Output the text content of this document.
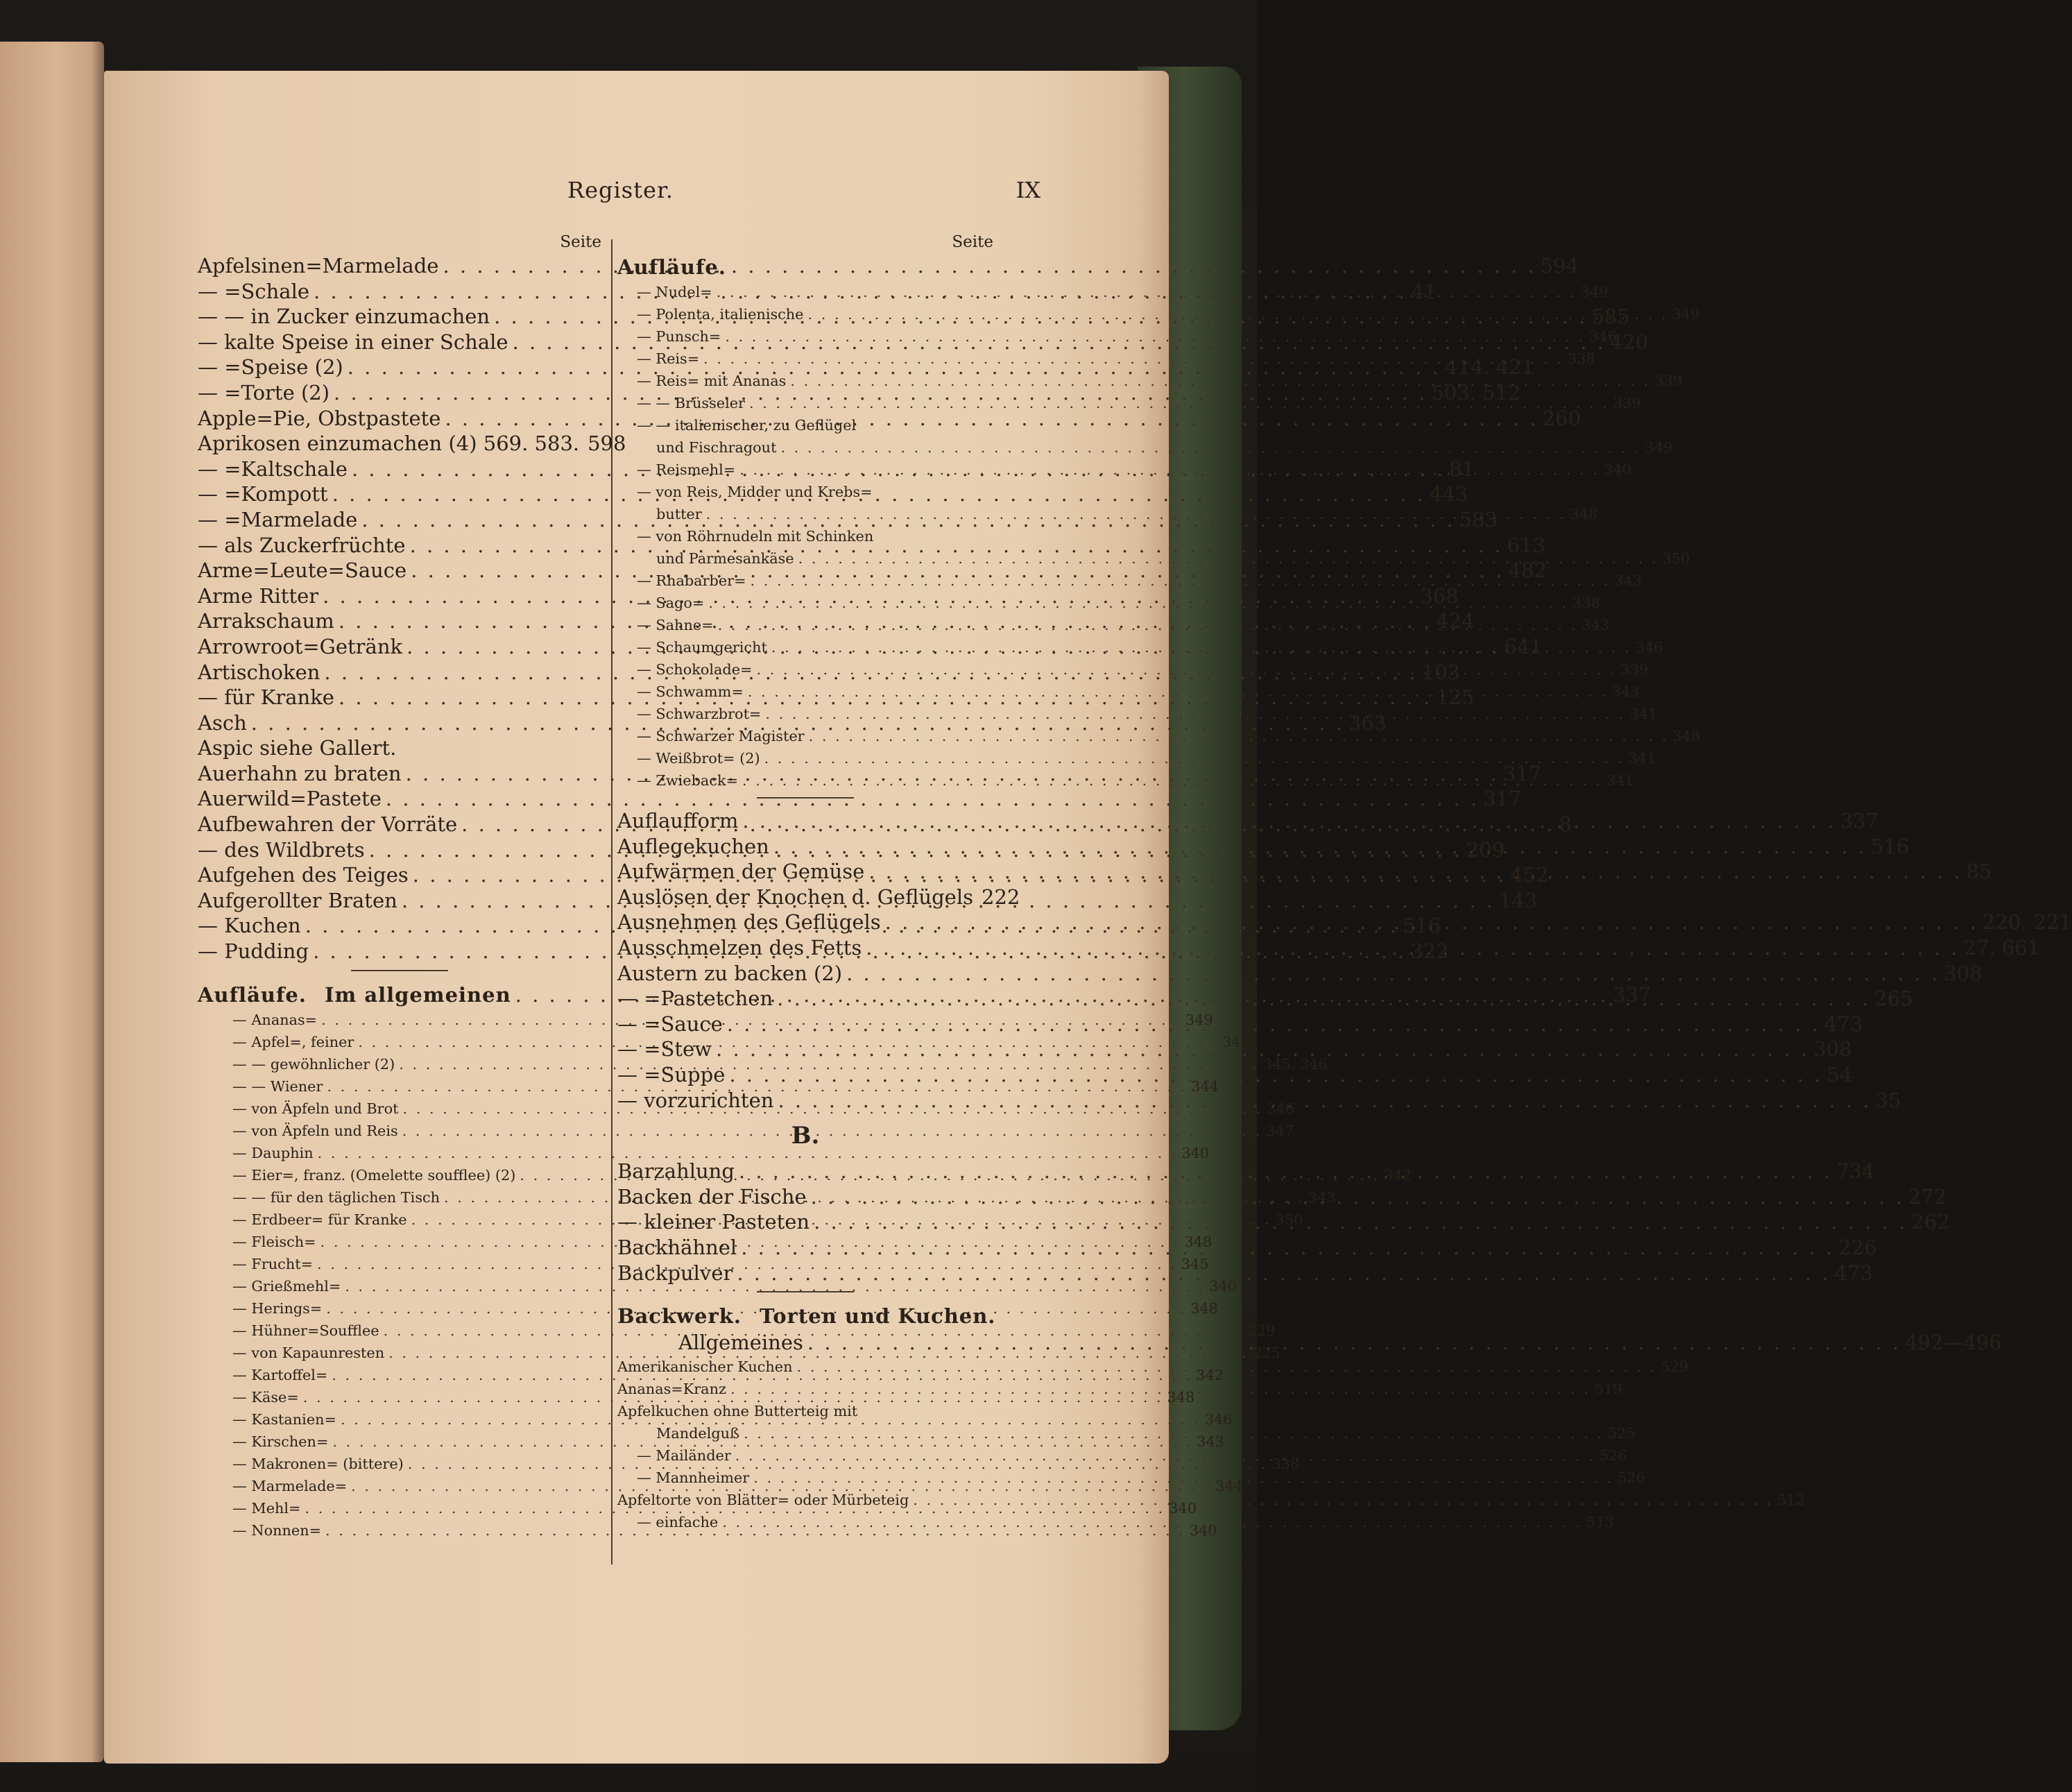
Register.	IX
Seite
Apfelsinen=Marmelade . . .	594
— =Schale . . .	41
— — in Zucker einzumachen . . .	585
— kalte Speise in einer Schale . . .	420
— =Speise (2) . . .	414. 421
— =Torte (2) . . .	503. 512
Apple=Pie, Obstpastete . . .	260
Aprikosen einzumachen (4) 569. 583. 598
— =Kaltschale . . .	81
— =Kompott . . .	443
— =Marmelade . . .	583
— als Zuckerfrüchte . . .	613
Arme=Leute=Sauce . . .	482
Arme Ritter . . .	368
Arrakschaum . . .	424
Arrowroot=Getränk . . .	641
Artischoken . . .	103
— für Kranke . . .	125
Asch . . .	363
Aspic siehe Gallert.
Auerhahn zu braten . . .	317
Auerwild=Pastete . . .	317
Aufbewahren der Vorräte . . .	8
— des Wildbrets . . .	209
Aufgehen des Teiges . . .	452
Aufgerollter Braten . . .	143
— Kuchen . . .	516
— Pudding . . .	322
Aufläufe. Im allgemeinen . . .	337
— Ananas= . . .	349
— Apfel=, feiner . . .	345
— — gewöhnlicher (2) . . .	345. 346
— — Wiener . . .	344
— von Äpfeln und Brot . . .	346
— von Äpfeln und Reis . . .	347
— Dauphin . . .	340
— Eier=, franz. (Omelette soufflee) (2) . . .	342
— — für den täglichen Tisch . . .	343
— Erdbeer= für Kranke . . .	350
— Fleisch= . . .	348
— Frucht= . . .	345
— Grießmehl= . . .	340
— Herings= . . .	348
— Hühner=Soufflee . . .	229
— von Kapaunresten . . .	225
— Kartoffel= . . .	342
— Käse= . . .	348
— Kastanien= . . .	346
— Kirschen= . . .	343
— Makronen= (bittere) . . .	338
— Marmelade= . . .	344
— Mehl= . . .	340
— Nonnen= . . .	340
Seite
Aufläufe.
— Nudel= . . .	349
— Polenta, italienische . . .	349
— Punsch= . . .	346
— Reis= . . .	338
— Reis= mit Ananas . . .	339
— — Brüsseler . . .	339
— — italienischer, zu Geflügel
und Fischragout . . .	349
— Reismehl= . . .	340
— von Reis, Midder und Krebs=
butter . . .	348
— von Röhrnudeln mit Schinken
und Parmesankäse . . .	350
— Rhabarber= . . .	343
— Sago= . . .	338
— Sahne= . . .	343
— Schaumgericht . . .	346
— Schokolade= . . .	339
— Schwamm= . . .	343
— Schwarzbrot= . . .	341
— Schwarzer Magister . . .	348
— Weißbrot= (2) . . .	341
— Zwieback= . . .	341
Auflaufform . . .	337
Auflegekuchen . . .	516
Aufwärmen der Gemüse . . .	85
Auslösen der Knochen d. Geflügels 222
Ausnehmen des Geflügels . . .	220. 221
Ausschmelzen des Fetts . . .	27. 661
Austern zu backen (2) . . .	308
— =Pastetchen . . .	265
— =Sauce . . .	473
— =Stew . . .	308
— =Suppe . . .	54
— vorzurichten . . .	35
B.
Barzahlung . . .	734
Backen der Fische . . .	272
— kleiner Pasteten . . .	262
Backhähnel . . .	226
Backpulver . . .	473
Backwerk. Torten und Kuchen.
Allgemeines . . .	492—496
Amerikanischer Kuchen . . .	529
Ananas=Kranz . . .	519
Apfelkuchen ohne Butterteig mit
Mandelguß . . .	525
— Mailänder . . .	526
— Mannheimer . . .	526
Apfeltorte von Blätter= oder Mürbeteig . . .	512
— einfache . . .	513
